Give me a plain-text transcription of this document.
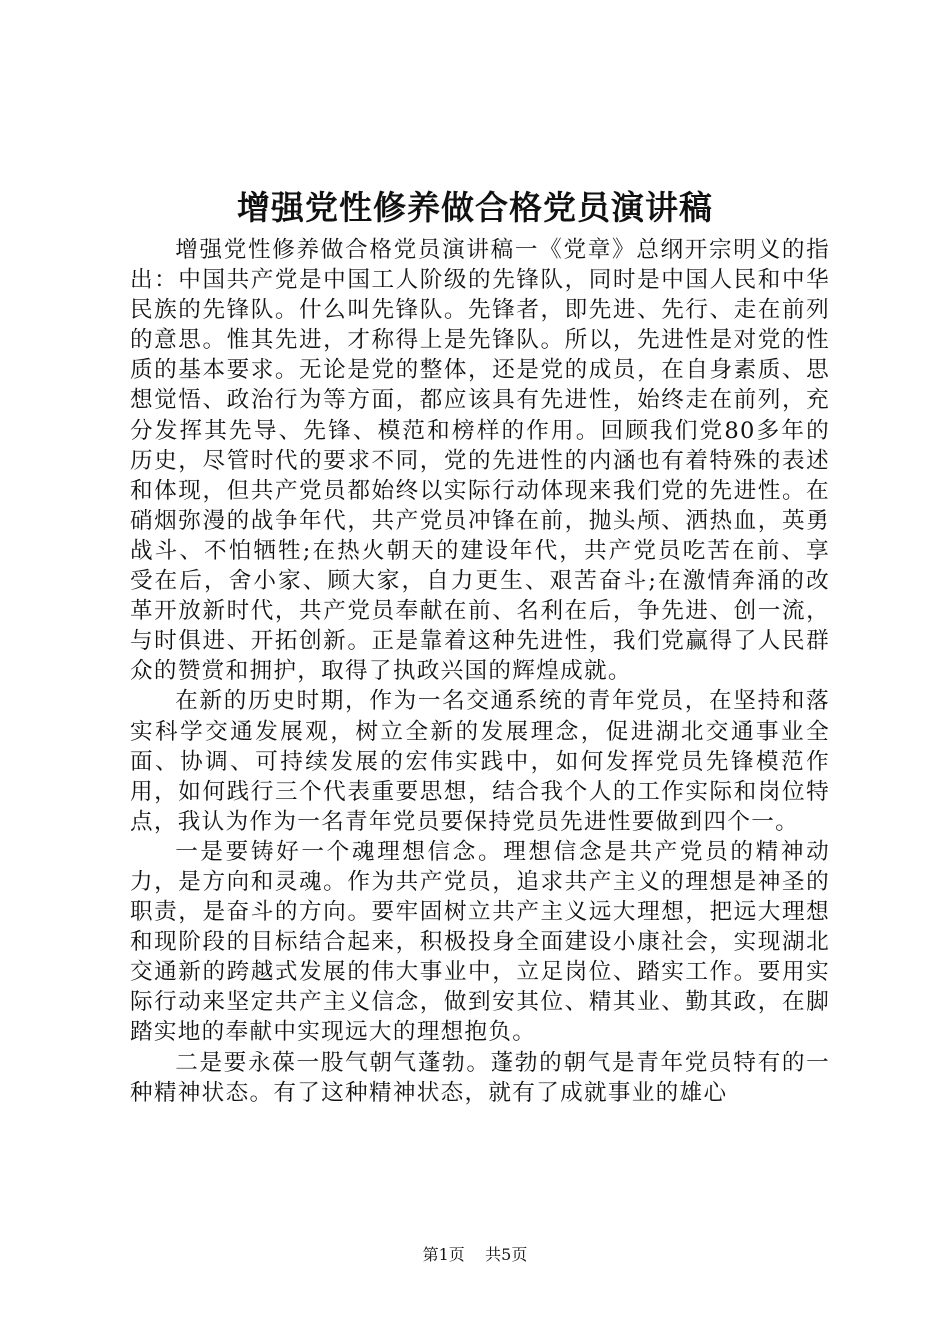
增强党性修养做合格党员演讲稿

增强党性修养做合格党员演讲稿一《党章》总纲开宗明义的指出：中国共产党是中国工人阶级的先锋队，同时是中国人民和中华民族的先锋队。什么叫先锋队。先锋者，即先进、先行、走在前列的意思。惟其先进，才称得上是先锋队。所以，先进性是对党的性质的基本要求。无论是党的整体，还是党的成员，在自身素质、思想觉悟、政治行为等方面，都应该具有先进性，始终走在前列，充分发挥其先导、先锋、模范和榜样的作用。回顾我们党80多年的历史，尽管时代的要求不同，党的先进性的内涵也有着特殊的表述和体现，但共产党员都始终以实际行动体现来我们党的先进性。在硝烟弥漫的战争年代，共产党员冲锋在前，抛头颅、洒热血，英勇战斗、不怕牺牲;在热火朝天的建设年代，共产党员吃苦在前、享受在后，舍小家、顾大家，自力更生、艰苦奋斗;在激情奔涌的改革开放新时代，共产党员奉献在前、名利在后，争先进、创一流，与时俱进、开拓创新。正是靠着这种先进性，我们党赢得了人民群众的赞赏和拥护，取得了执政兴国的辉煌成就。

在新的历史时期，作为一名交通系统的青年党员，在坚持和落实科学交通发展观，树立全新的发展理念，促进湖北交通事业全面、协调、可持续发展的宏伟实践中，如何发挥党员先锋模范作用，如何践行三个代表重要思想，结合我个人的工作实际和岗位特点，我认为作为一名青年党员要保持党员先进性要做到四个一。

一是要铸好一个魂理想信念。理想信念是共产党员的精神动力，是方向和灵魂。作为共产党员，追求共产主义的理想是神圣的职责，是奋斗的方向。要牢固树立共产主义远大理想，把远大理想和现阶段的目标结合起来，积极投身全面建设小康社会，实现湖北交通新的跨越式发展的伟大事业中，立足岗位、踏实工作。要用实际行动来坚定共产主义信念，做到安其位、精其业、勤其政，在脚踏实地的奉献中实现远大的理想抱负。

二是要永葆一股气朝气蓬勃。蓬勃的朝气是青年党员特有的一种精神状态。有了这种精神状态，就有了成就事业的雄心

第1页 共5页
